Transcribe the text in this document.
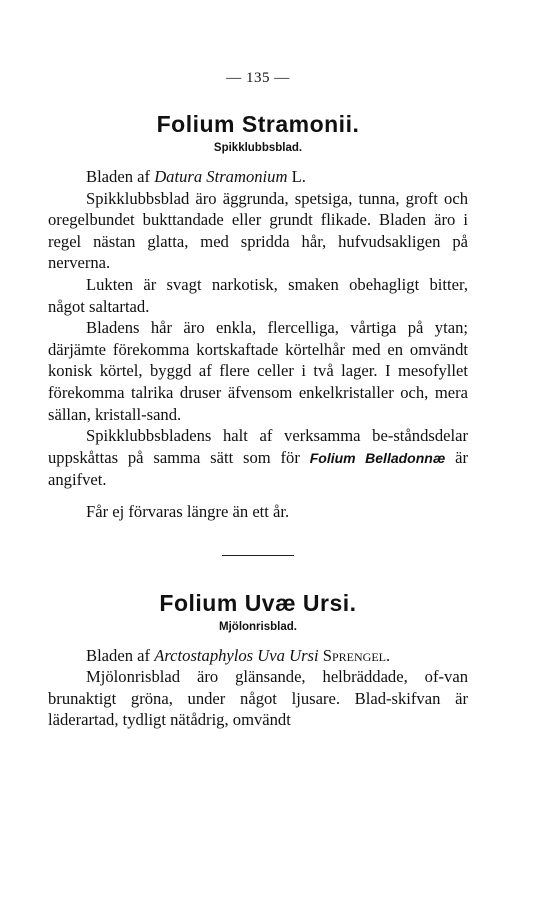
— 135 —
Folium Stramonii.
Spikklubbsblad.

Bladen af Datura Stramonium L.

Spikklubbsblad äro äggrunda, spetsiga, tunna, groft och oregelbundet bukttandade eller grundt flikade. Bladen äro i regel nästan glatta, med spridda hår, hufvudsakligen på nerverna.

Lukten är svagt narkotisk, smaken obehagligt bitter, något saltartad.

Bladens hår äro enkla, flercelliga, vårtiga på ytan; därjämte förekomma kortskaftade körtelhår med en omvändt konisk körtel, byggd af flere celler i två lager. I mesofyllet förekomma talrika druser äfvensom enkelkristaller och, mera sällan, kristall-sand.

Spikklubbsbladens halt af verksamma be-ståndsdelar uppskåttas på samma sätt som för Folium Belladonnæ är angifvet.

Får ej förvaras längre än ett år.

Folium Uvæ Ursi.
Mjölonrisblad.

Bladen af Arctostaphylos Uva Ursi Sprengel.

Mjölonrisblad äro glänsande, helbräddade, of-van brunaktigt gröna, under något ljusare. Blad-skifvan är läderartad, tydligt nätådrig, omvändt
